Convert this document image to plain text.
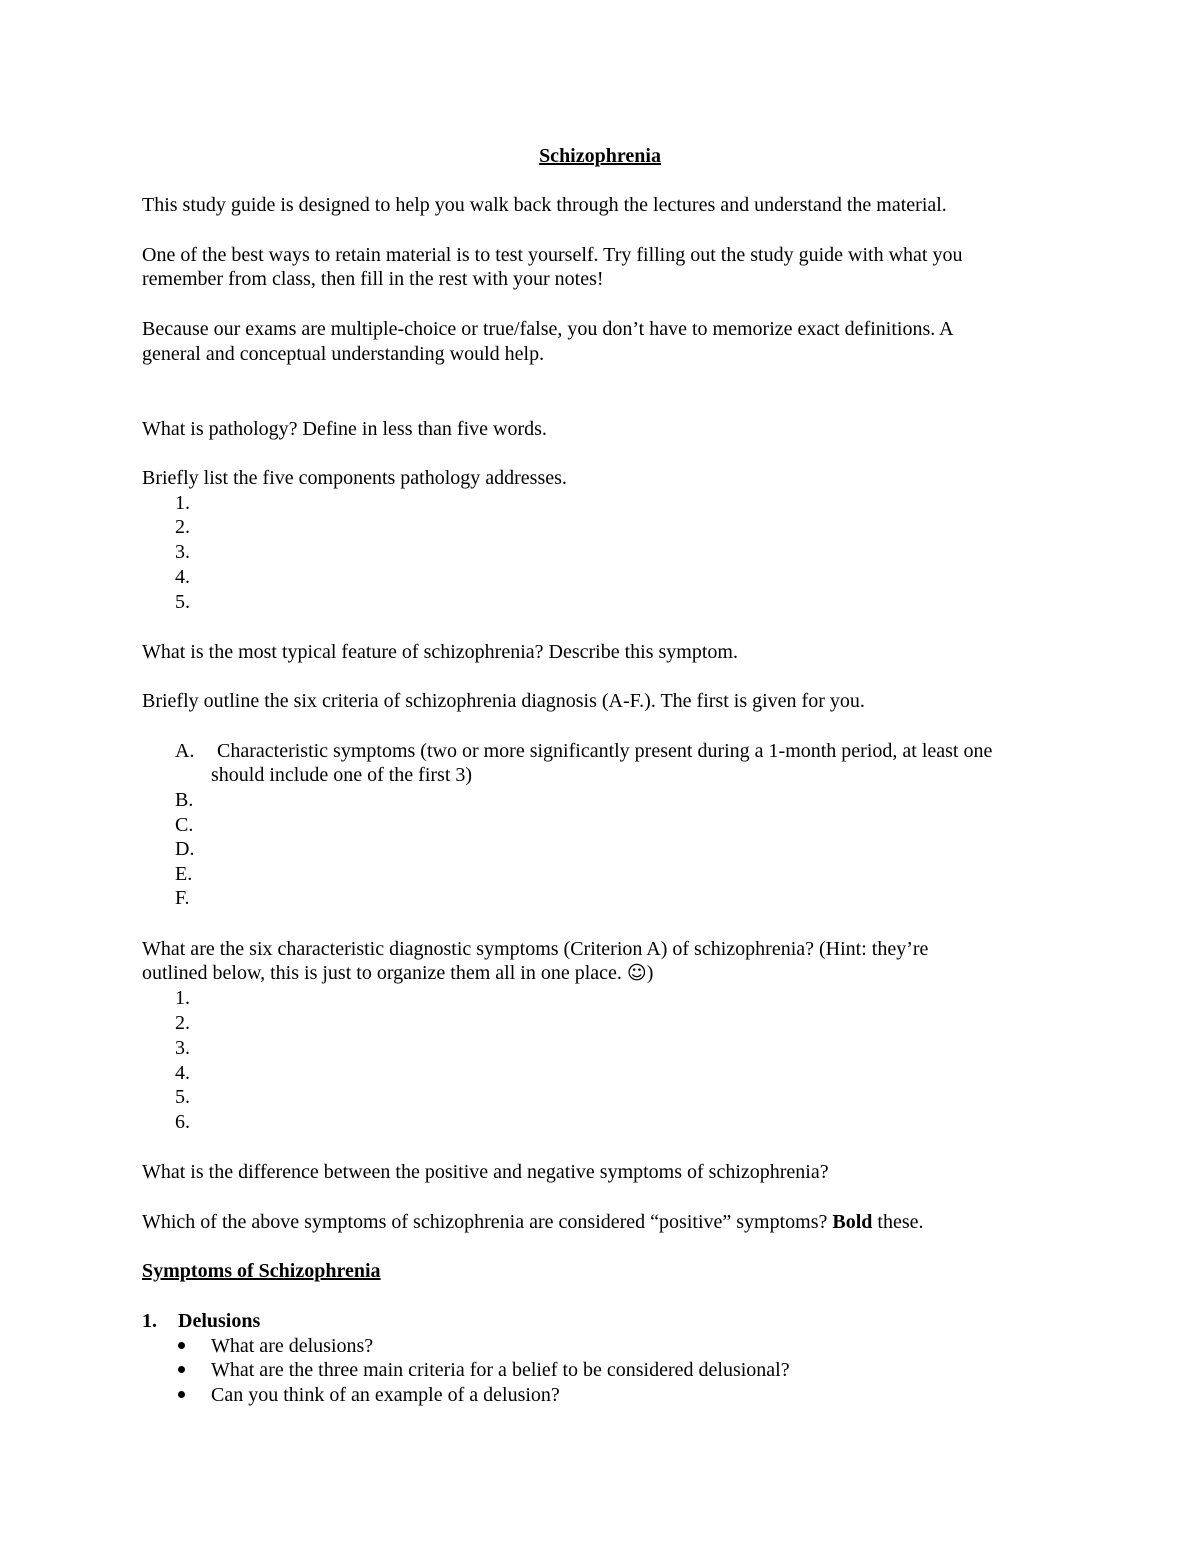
Schizophrenia
This study guide is designed to help you walk back through the lectures and understand the material.
One of the best ways to retain material is to test yourself. Try filling out the study guide with what you
remember from class, then fill in the rest with your notes!
Because our exams are multiple-choice or true/false, you don’t have to memorize exact definitions. A
general and conceptual understanding would help.
What is pathology? Define in less than five words.
Briefly list the five components pathology addresses.
1.
2.
3.
4.
5.
What is the most typical feature of schizophrenia? Describe this symptom.
Briefly outline the six criteria of schizophrenia diagnosis (A-F.). The first is given for you.
A. Characteristic symptoms (two or more significantly present during a 1-month period, at least one
should include one of the first 3)
B.
C.
D.
E.
F.
What are the six characteristic diagnostic symptoms (Criterion A) of schizophrenia? (Hint: they’re
outlined below, this is just to organize them all in one place. ☺)
1.
2.
3.
4.
5.
6.
What is the difference between the positive and negative symptoms of schizophrenia?
Which of the above symptoms of schizophrenia are considered “positive” symptoms? Bold these.
Symptoms of Schizophrenia
1. Delusions
What are delusions?
What are the three main criteria for a belief to be considered delusional?
Can you think of an example of a delusion?
